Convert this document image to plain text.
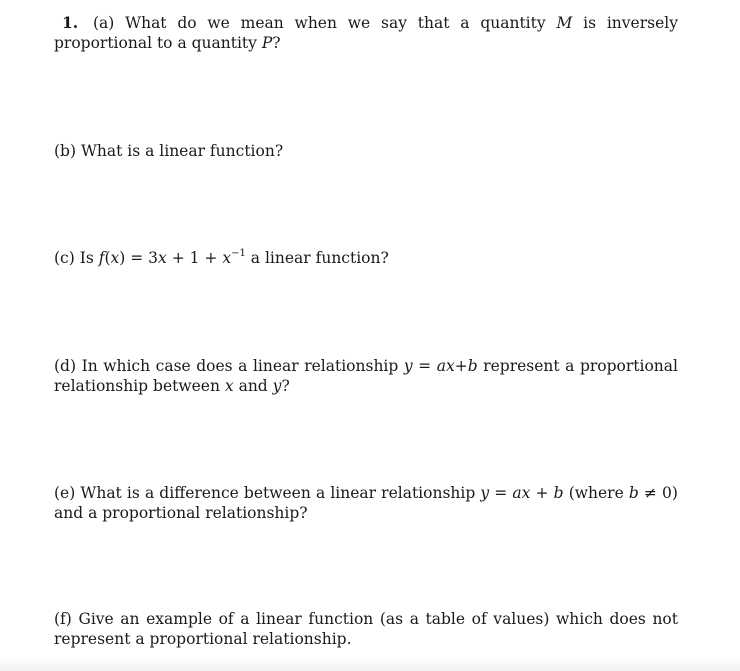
1. (a) What do we mean when we say that a quantity M is inversely proportional to a quantity P?

(b) What is a linear function?

(c) Is $f(x) = 3x + 1 + x^{-1}$ a linear function?

(d) In which case does a linear relationship y = ax+b represent a proportional relationship between x and y?

(e) What is a difference between a linear relationship y = ax + b (where b ≠ 0) and a proportional relationship?

(f) Give an example of a linear function (as a table of values) which does not represent a proportional relationship.
